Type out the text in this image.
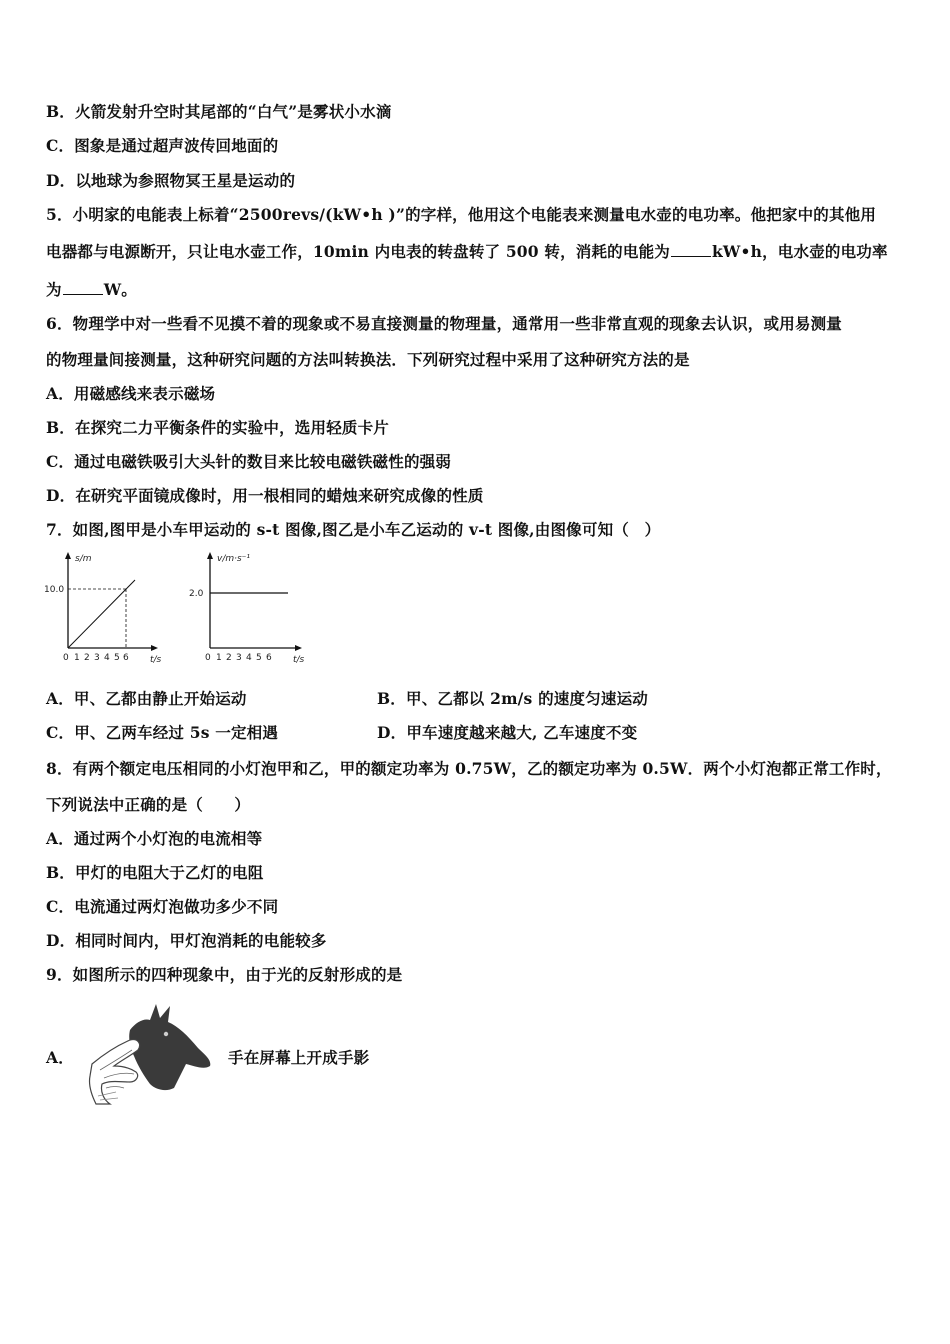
B．火箭发射升空时其尾部的“白气”是雾状小水滴
C．图象是通过超声波传回地面的
D．以地球为参照物冥王星是运动的
5．小明家的电能表上标着“2500revs/(kW•h )”的字样，他用这个电能表来测量电水壶的电功率。他把家中的其他用
电器都与电源断开，只让电水壶工作，10min 内电表的转盘转了 500 转，消耗的电能为	kW•h，电水壶的电功率
为	W。
6．物理学中对一些看不见摸不着的现象或不易直接测量的物理量，通常用一些非常直观的现象去认识，或用易测量
的物理量间接测量，这种研究问题的方法叫转换法．下列研究过程中采用了这种研究方法的是
A．用磁感线来表示磁场
B．在探究二力平衡条件的实验中，选用轻质卡片
C．通过电磁铁吸引大头针的数目来比较电磁铁磁性的强弱
D．在研究平面镜成像时，用一根相同的蜡烛来研究成像的性质
7．如图,图甲是小车甲运动的 s-t 图像,图乙是小车乙运动的 v-t 图像,由图像可知（　）
s/m
10.0
t/s
0 1 2 3 4 5 6
v/m·s⁻¹
2.0
t/s
0 1 2 3 4 5 6
A．甲、乙都由静止开始运动	B．甲、乙都以 2m/s 的速度匀速运动
C．甲、乙两车经过 5s 一定相遇	D．甲车速度越来越大, 乙车速度不变
8．有两个额定电压相同的小灯泡甲和乙，甲的额定功率为 0.75W，乙的额定功率为 0.5W．两个小灯泡都正常工作时，
下列说法中正确的是（　　）
A．通过两个小灯泡的电流相等
B．甲灯的电阻大于乙灯的电阻
C．电流通过两灯泡做功多少不同
D．相同时间内，甲灯泡消耗的电能较多
9．如图所示的四种现象中，由于光的反射形成的是
A．	手在屏幕上开成手影
